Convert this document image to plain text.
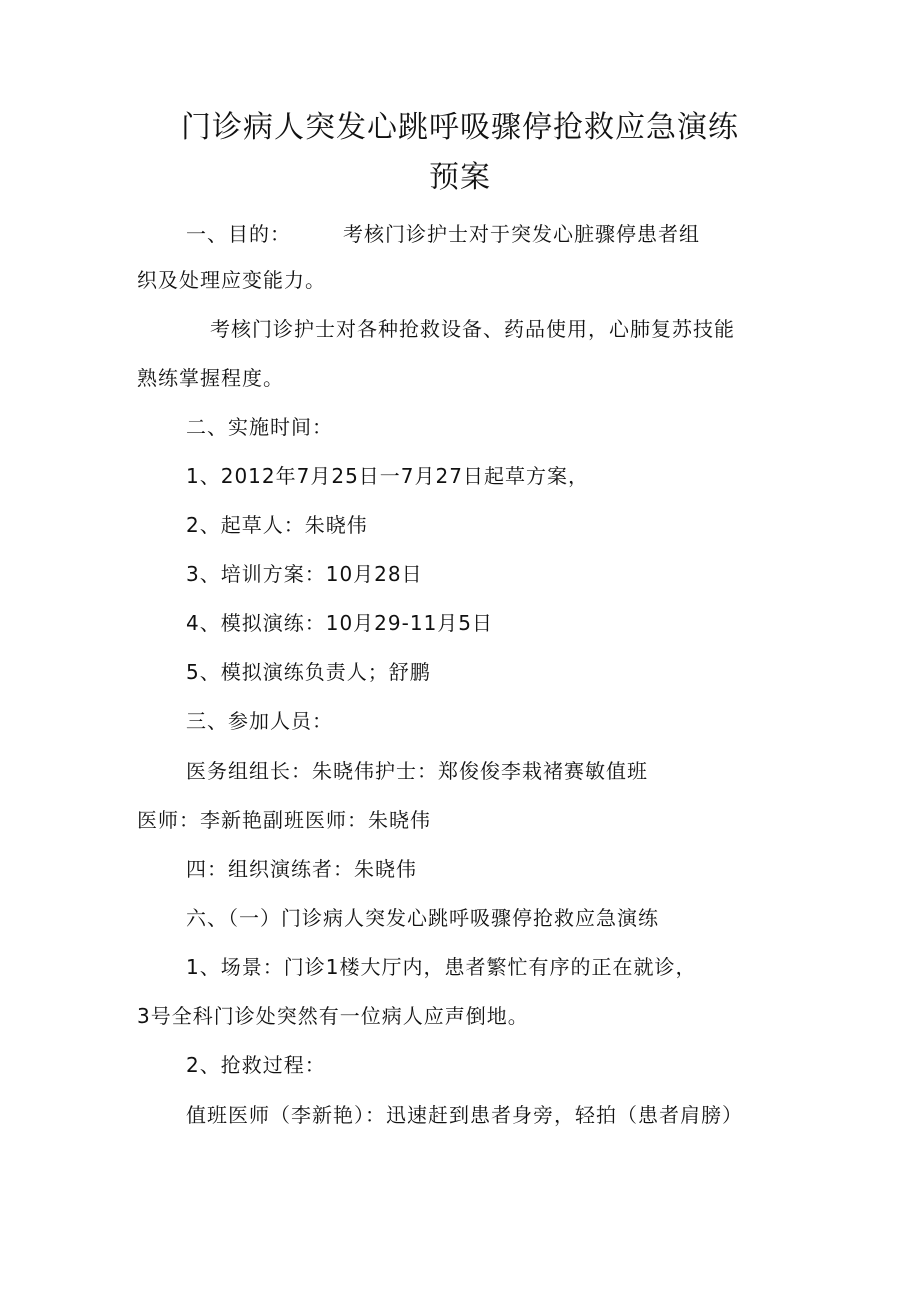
门诊病人突发心跳呼吸骤停抢救应急演练
预案
一、目的：	考核门诊护士对于突发心脏骤停患者组
织及处理应变能力。
考核门诊护士对各种抢救设备、药品使用，心肺复苏技能
熟练掌握程度。
二、实施时间：
1、2012年7月25日一7月27日起草方案，
2、起草人：朱晓伟
3、培训方案：10月28日
4、模拟演练：10月29-11月5日
5、模拟演练负责人；舒鹏
三、参加人员：
医务组组长：朱晓伟护士：郑俊俊李栽褚赛敏值班
医师：李新艳副班医师：朱晓伟
四：组织演练者：朱晓伟
六、（一）门诊病人突发心跳呼吸骤停抢救应急演练
1、场景：门诊1楼大厅内，患者繁忙有序的正在就诊，
3号全科门诊处突然有一位病人应声倒地。
2、抢救过程：
值班医师（李新艳）：迅速赶到患者身旁，轻拍（患者肩膀）
